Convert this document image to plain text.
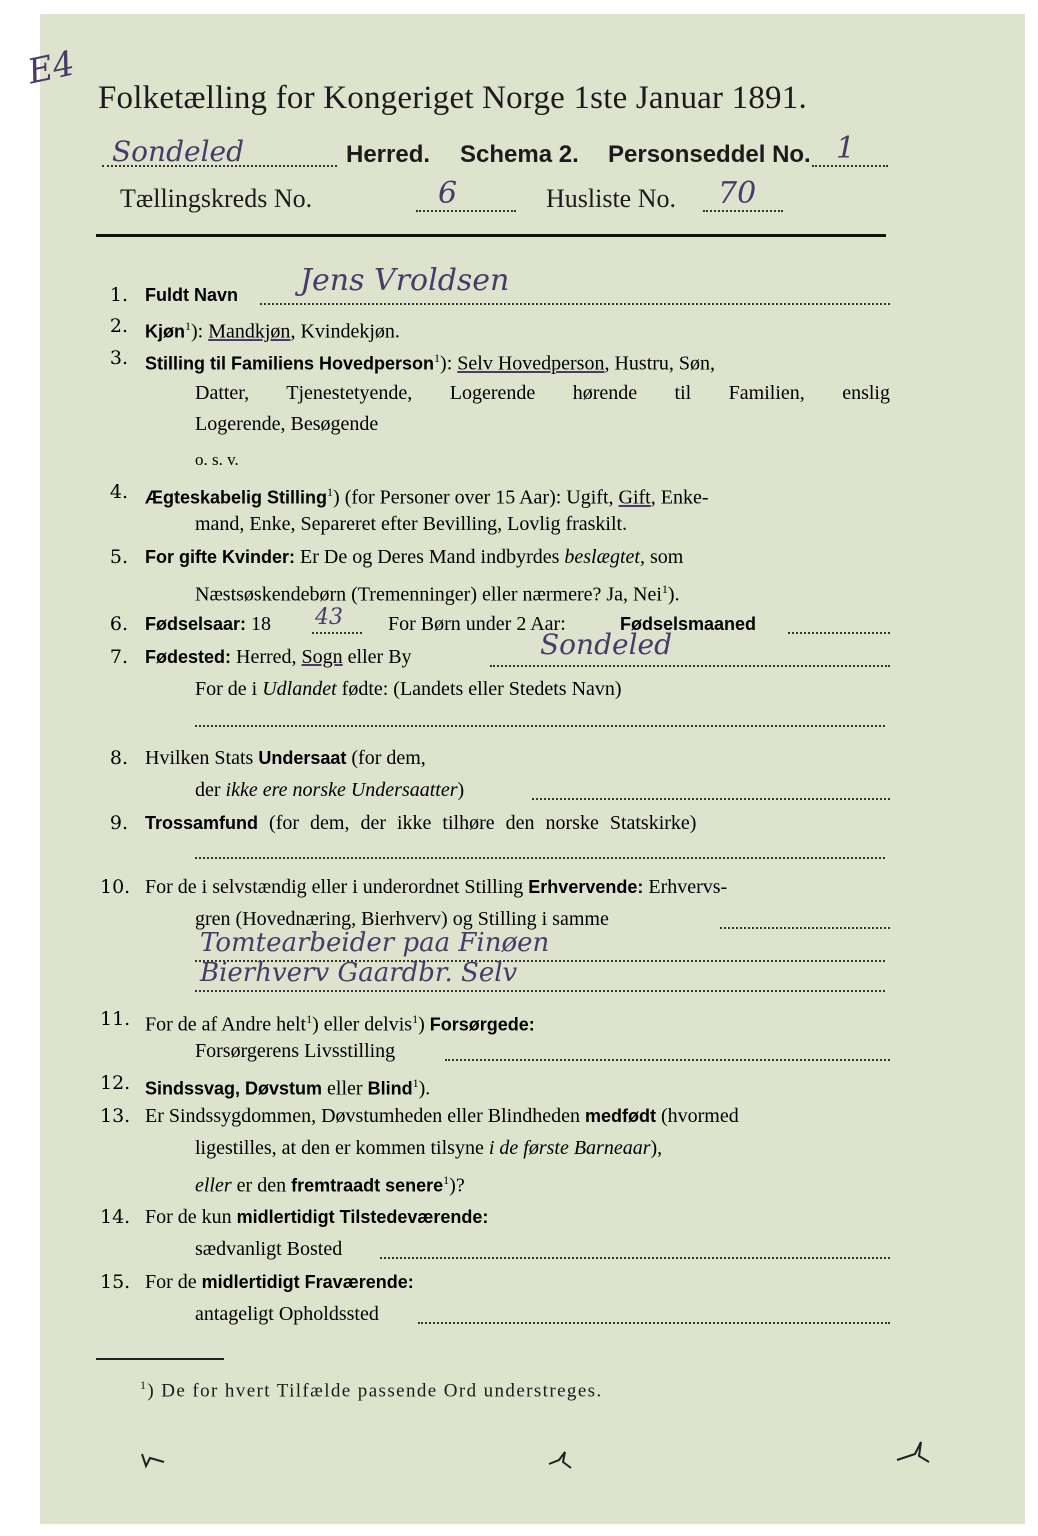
E4
Folketælling for Kongeriget Norge 1ste Januar 1891.
Sondeled	Herred. Schema 2. Personseddel No. 1
Tællingskreds No.	6	Husliste No. 70
1. Fuldt Navn	Jens Vroldsen
2. Kjøn$^1$): Mandkjøn, Kvindekjøn.
3. Stilling til Familiens Hovedperson$^1$): Selv Hovedperson, Hustru, Søn,
Datter, Tjenestetyende, Logerende hørende til Familien, enslig
Logerende, Besøgende
o. s. v.
4. Ægteskabelig Stilling$^1$) (for Personer over 15 Aar): Ugift, Gift, Enke-
mand, Enke, Separeret efter Bevilling, Lovlig fraskilt.
5. For gifte Kvinder: Er De og Deres Mand indbyrdes beslægtet, som
Næstsøskendebørn (Tremenninger) eller nærmere? Ja, Nei$^1$).
6. Fødselsaar: 18	43 For Børn under 2 Aar:	Fødselsmaaned
7. Fødested: Herred, Sogn eller By	Sondeled
For de i Udlandet fødte: (Landets eller Stedets Navn)
8. Hvilken Stats Undersaat (for dem,
der ikke ere norske Undersaatter)
9. Trossamfund (for dem, der ikke tilhøre den norske Statskirke)
10. For de i selvstændig eller i underordnet Stilling Erhvervende: Erhvervs-
gren (Hovednæring, Bierhverv) og Stilling i samme
Tomtearbeider paa Finøen
Bierhverv Gaardbr. Selv
11. For de af Andre helt$^1$) eller delvis$^1$) Forsørgede:
Forsørgerens Livsstilling
12. Sindssvag, Døvstum eller Blind$^1$).
13. Er Sindssygdommen, Døvstumheden eller Blindheden medfødt (hvormed
ligestilles, at den er kommen tilsyne i de første Barneaar),
eller er den fremtraadt senere$^1$)?
14. For de kun midlertidigt Tilstedeværende:
sædvanligt Bosted
15. For de midlertidigt Fraværende:
antageligt Opholdssted
$^1$) De for hvert Tilfælde passende Ord understreges.
